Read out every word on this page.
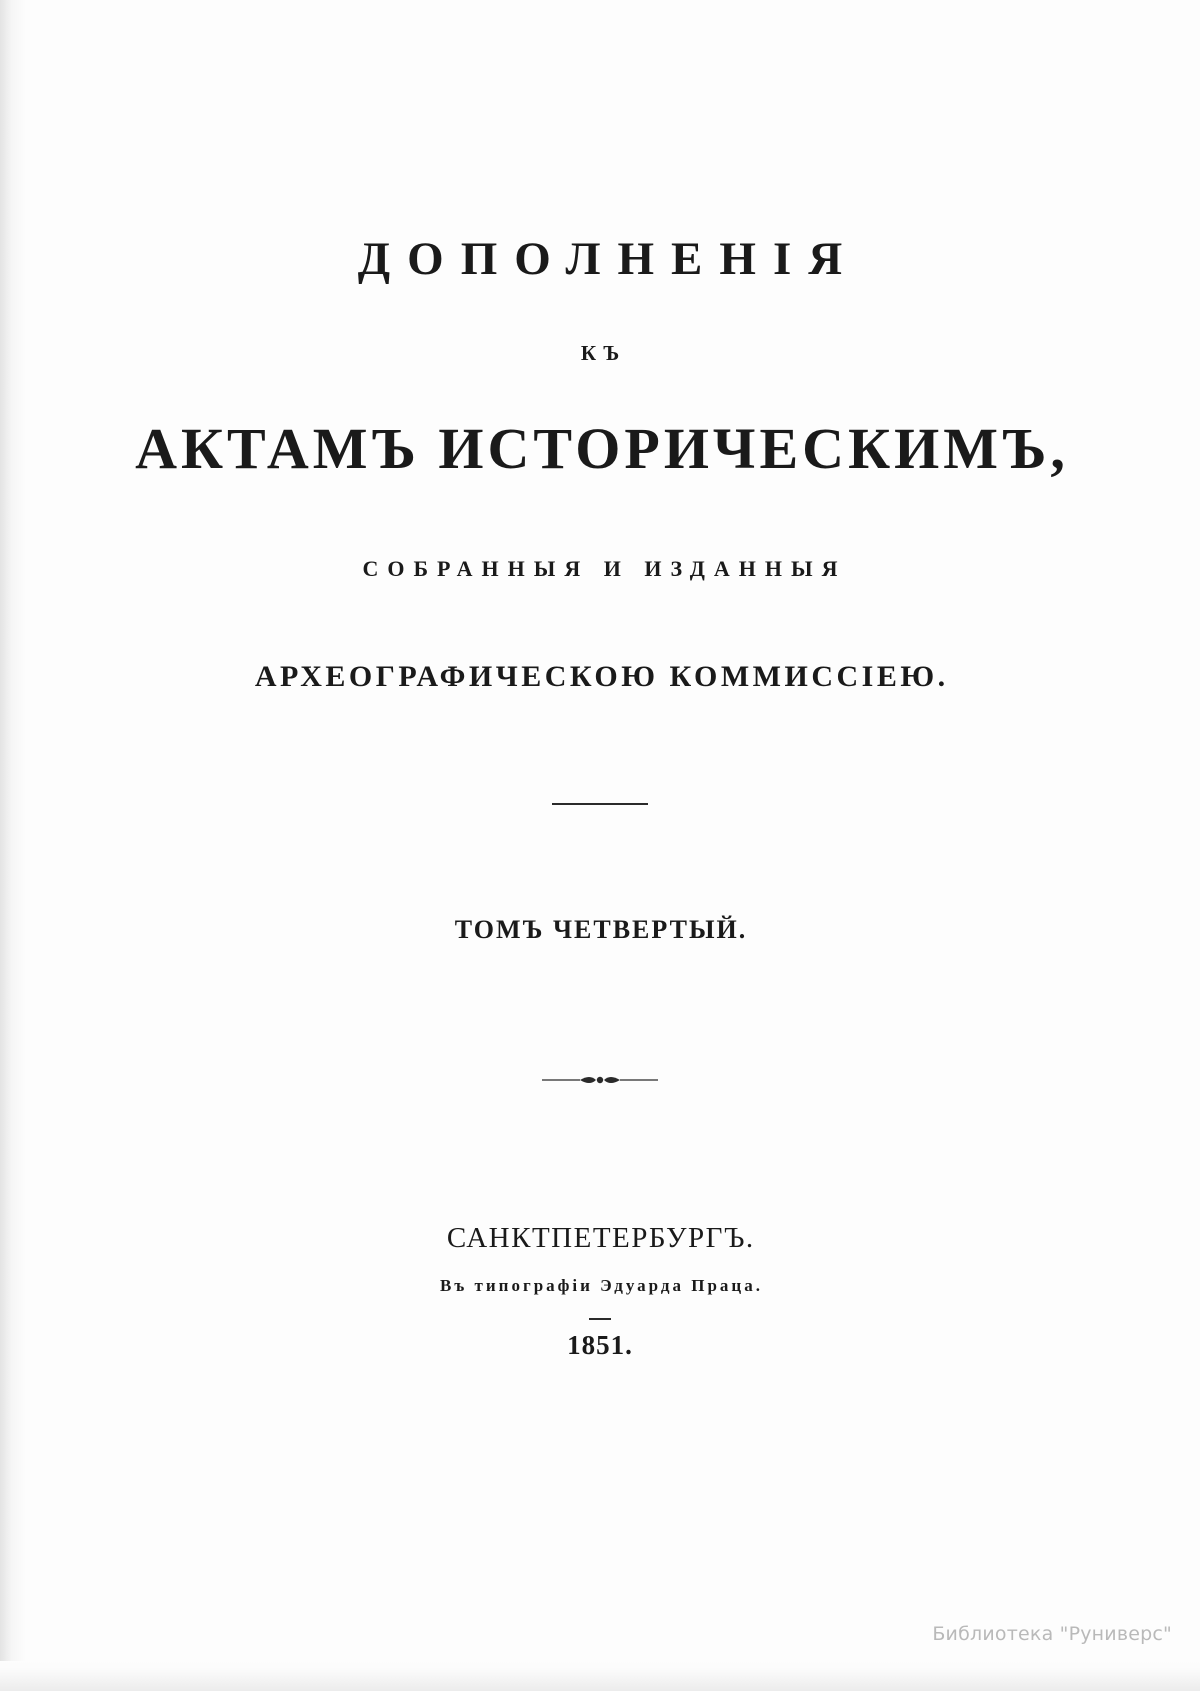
ДОПОЛНЕНІЯ
КЪ
АКТАМЪ ИСТОРИЧЕСКИМЪ,
СОБРАННЫЯ И ИЗДАННЫЯ
АРХЕОГРАФИЧЕСКОЮ КОММИССІЕЮ.
ТОМЪ ЧЕТВЕРТЫЙ.
САНКТПЕТЕРБУРГЪ.
Въ типографіи Эдуарда Праца.
1851.
Библиотека "Руниверс"
